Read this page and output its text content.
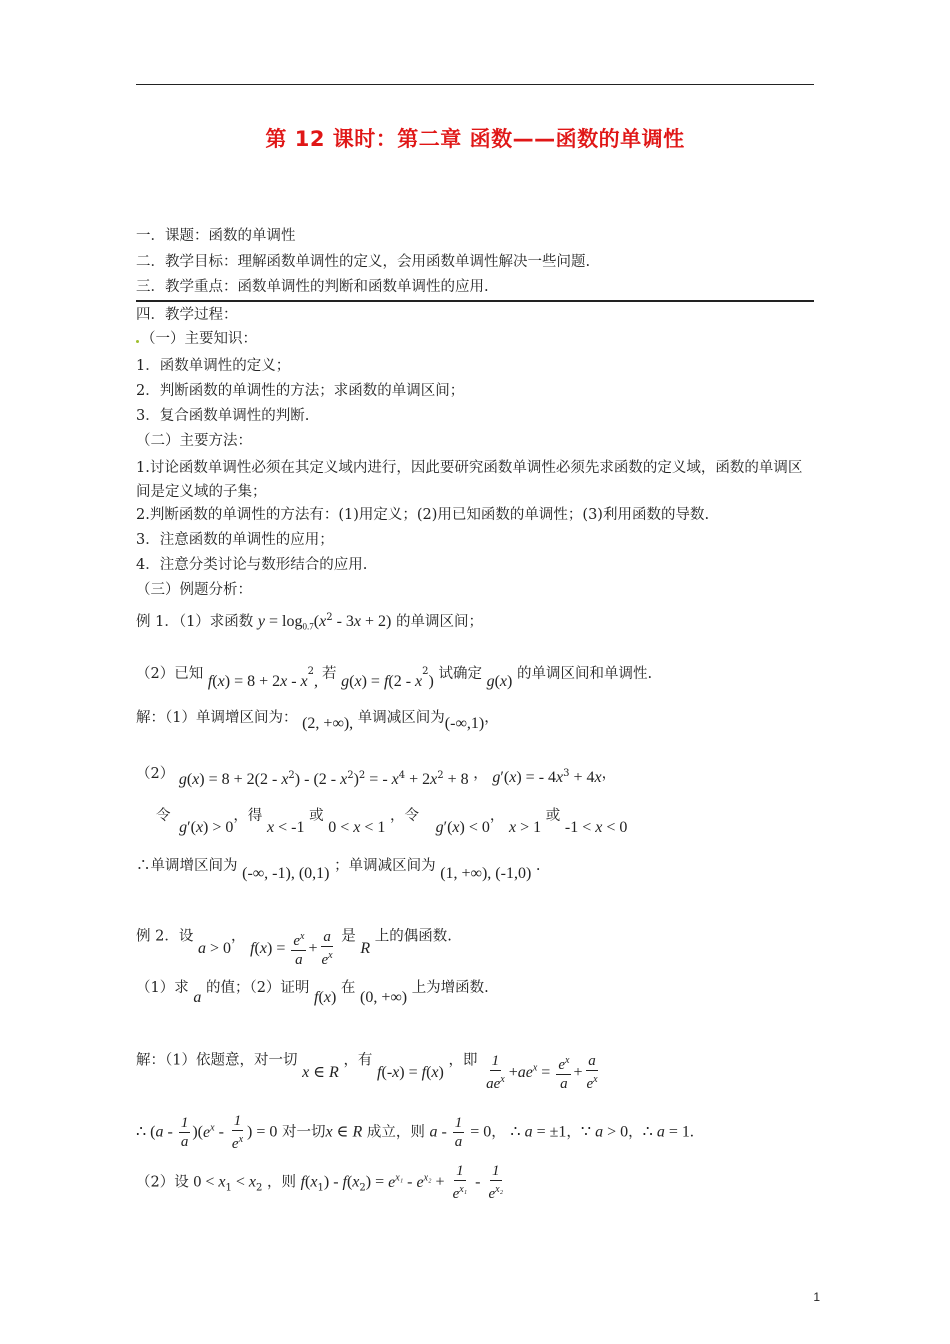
第 12 课时：第二章 函数——函数的单调性
一．课题：函数的单调性
二．教学目标：理解函数单调性的定义，会用函数单调性解决一些问题.
三．教学重点：函数单调性的判断和函数单调性的应用.
四．教学过程：
（一）主要知识：
1．函数单调性的定义；
2．判断函数的单调性的方法；求函数的单调区间；
3．复合函数单调性的判断.
（二）主要方法：
1.讨论函数单调性必须在其定义域内进行，因此要研究函数单调性必须先求函数的定义域，函数的单调区间是定义域的子集；
2.判断函数的单调性的方法有：(1)用定义；(2)用已知函数的单调性；(3)利用函数的导数.
3．注意函数的单调性的应用；
4．注意分类讨论与数形结合的应用.
（三）例题分析：
例 1．（1）求函数 $y = \log_{0.7}(x^2 - 3x + 2)$ 的单调区间；
（2）已知 $f(x) = 8 + 2x - x^2$, 若 $g(x) = f(2 - x^2)$ 试确定 g(x) 的单调区间和单调性.
解：（1）单调增区间为： (2, +∞), 单调减区间为(-∞,1)，
（2） $g(x) = 8 + 2(2 - x^2) - (2 - x^2)^2$ = - $x^4 + 2x^2 + 8$ ， g′(x) = - $4x^3 + 4x$，
令 g′(x) > 0，得 x < -1 或 0 < x < 1 ，令 g′(x) < 0， x > 1 或 -1 < x < 0
∴单调增区间为 (-∞, -1), (0,1) ；单调减区间为 (1, +∞), (-1,0) .
例 2．设 a > 0， $f(x) = \frac{e^x}{a} + \frac{a}{e^x}$ 是 R 上的偶函数.
（1）求 a 的值；（2）证明 f(x) 在 (0, +∞) 上为增函数.
解：（1）依题意，对一切 x ∈ R ，有 f(-x) = f(x) ，即 $\frac{1}{ae^x} +ae^x = \frac{e^x}{a} + \frac{a}{e^x}$
∴ $(a - \frac{1}{a} )(e^x - \frac{1}{e^x}$ ) = 0 对一切x ∈ R 成立，则 $a - \frac{1}{a} = 0$， ∴ a = ±1，∵ a > 0，∴ a = 1.
（2）设 $0 < x_1 < x_2$ ，则 $f(x_1) - f(x_2) = e^{x_1} - e^{x_2} + \frac{1}{e^{x_1}} - \frac{1}{e^{x_2}}$
1
